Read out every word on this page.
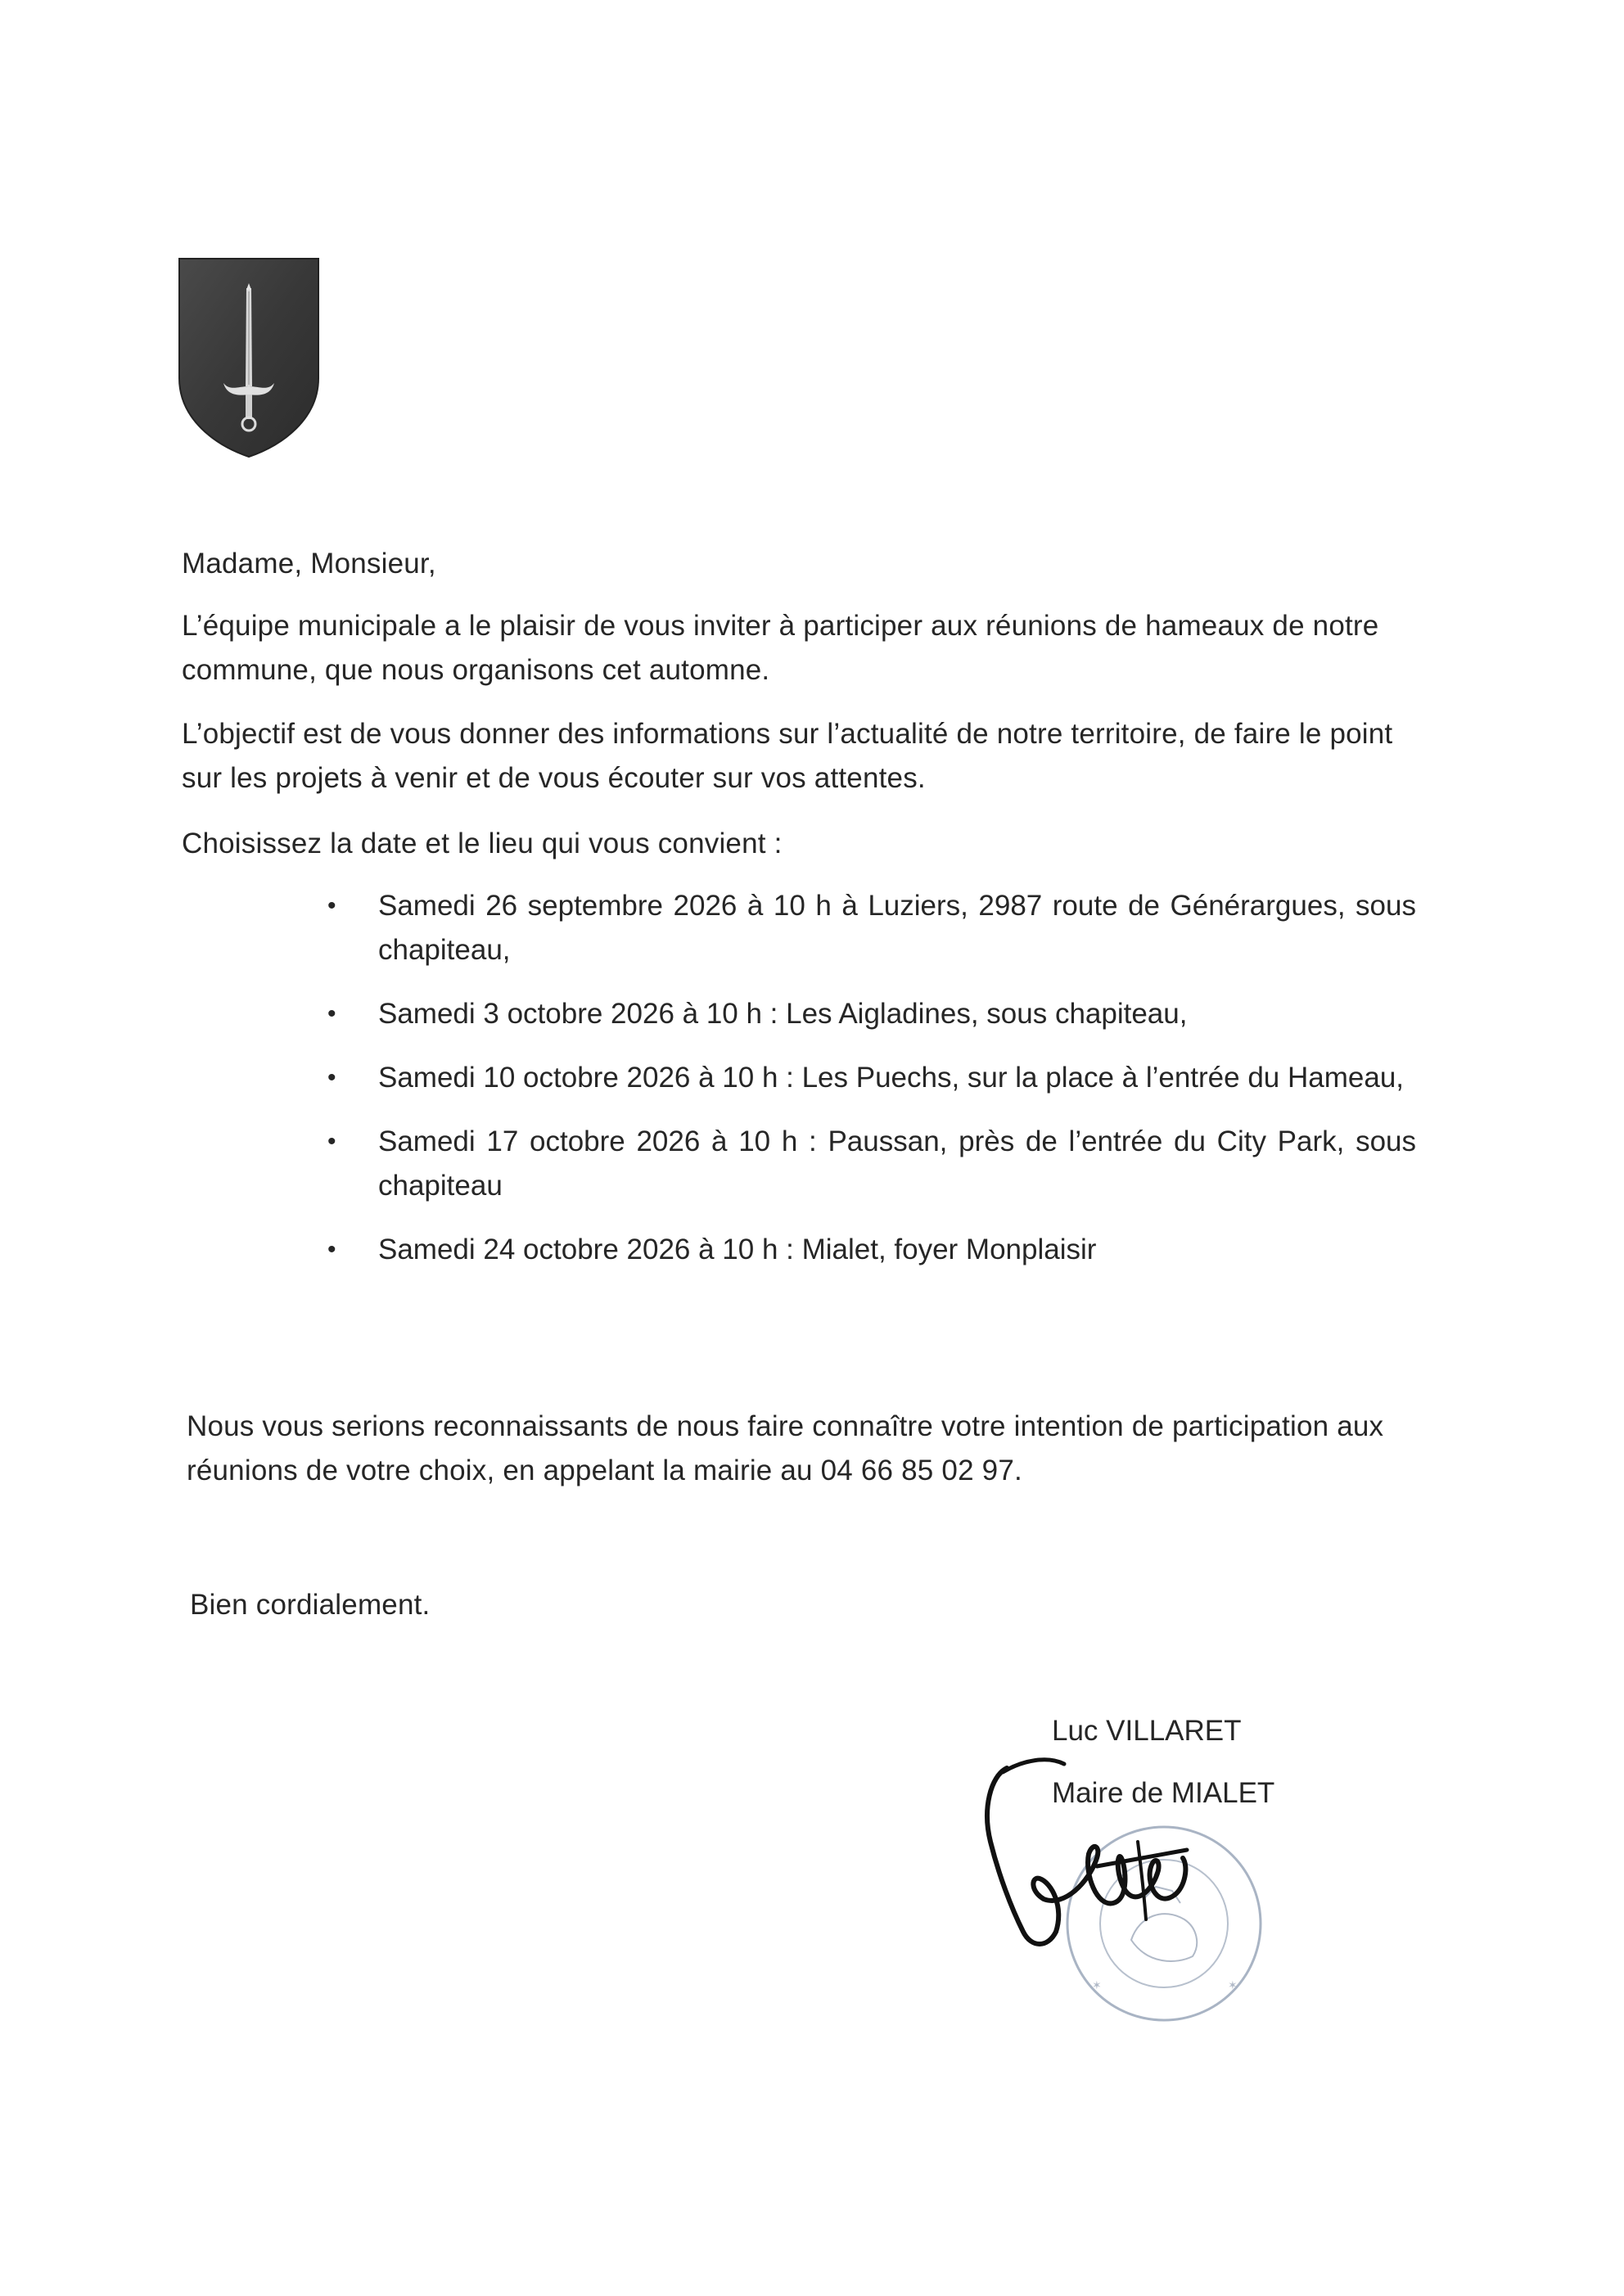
Madame, Monsieur,
L’équipe municipale a le plaisir de vous inviter à participer aux réunions de hameaux de notre commune, que nous organisons cet automne.
L’objectif est de vous donner des informations sur l’actualité de notre territoire, de faire le point sur les projets à venir et de vous écouter sur vos attentes.
Choisissez la date et le lieu qui vous convient :
• Samedi 26 septembre 2026 à 10 h à Luziers, 2987 route de Générargues, sous chapiteau,
• Samedi 3 octobre 2026 à 10 h : Les Aigladines, sous chapiteau,
• Samedi 10 octobre 2026 à 10 h : Les Puechs, sur la place à l’entrée du Hameau,
• Samedi 17 octobre 2026 à 10 h : Paussan, près de l’entrée du City Park, sous chapiteau
• Samedi 24 octobre 2026 à 10 h : Mialet, foyer Monplaisir
Nous vous serions reconnaissants de nous faire connaître votre intention de participation aux réunions de votre choix, en appelant la mairie au 04 66 85 02 97.
Bien cordialement.
Luc VILLARET
Maire de MIALET
✶	✶
